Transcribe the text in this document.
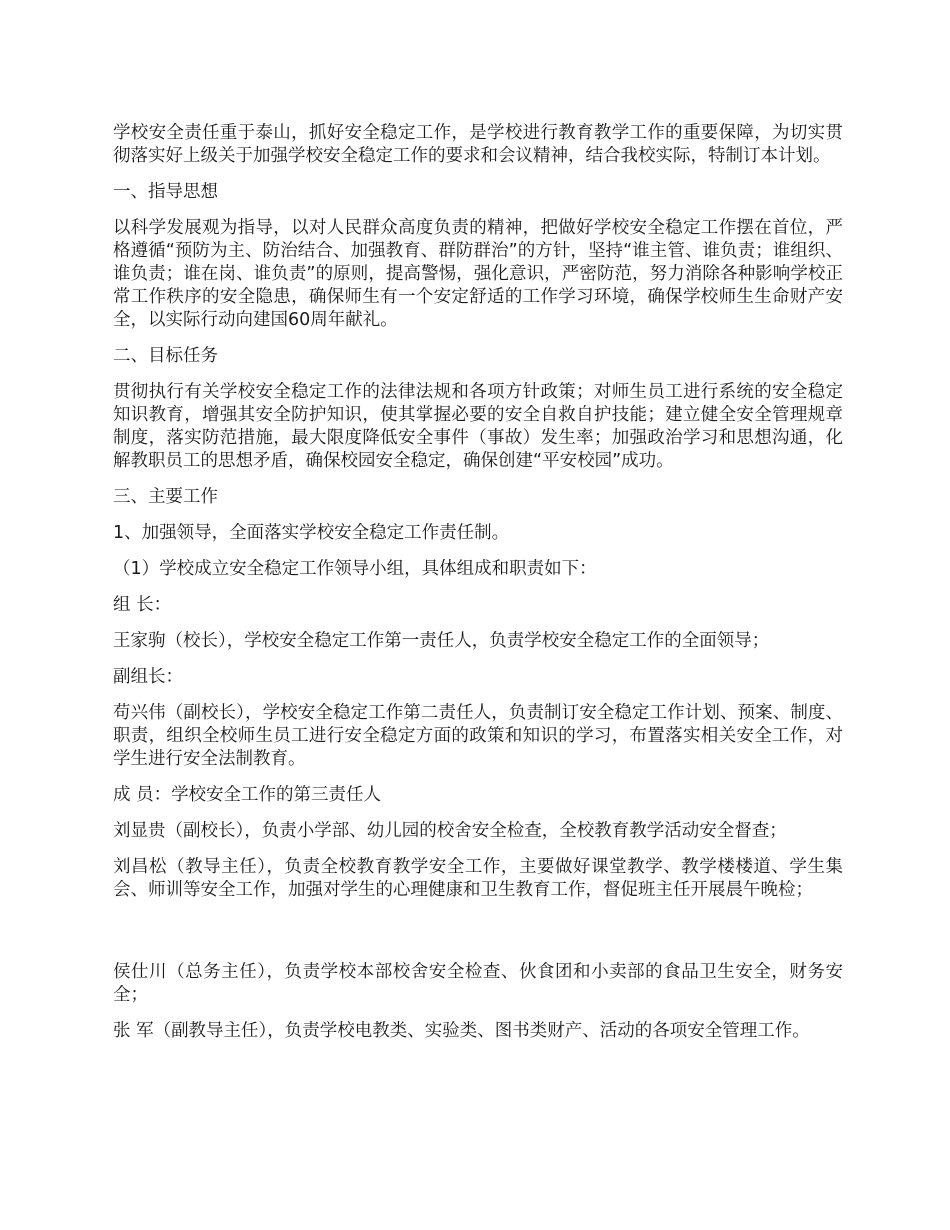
学校安全责任重于泰山，抓好安全稳定工作，是学校进行教育教学工作的重要保障，为切实贯彻落实好上级关于加强学校安全稳定工作的要求和会议精神，结合我校实际，特制订本计划。

一、指导思想

以科学发展观为指导，以对人民群众高度负责的精神，把做好学校安全稳定工作摆在首位，严格遵循“预防为主、防治结合、加强教育、群防群治”的方针，坚持“谁主管、谁负责；谁组织、谁负责；谁在岗、谁负责”的原则，提高警惕，强化意识，严密防范，努力消除各种影响学校正常工作秩序的安全隐患，确保师生有一个安定舒适的工作学习环境，确保学校师生生命财产安全，以实际行动向建国60周年献礼。

二、目标任务

贯彻执行有关学校安全稳定工作的法律法规和各项方针政策；对师生员工进行系统的安全稳定知识教育，增强其安全防护知识，使其掌握必要的安全自救自护技能；建立健全安全管理规章制度，落实防范措施，最大限度降低安全事件（事故）发生率；加强政治学习和思想沟通，化解教职员工的思想矛盾，确保校园安全稳定，确保创建“平安校园”成功。

三、主要工作

1、加强领导，全面落实学校安全稳定工作责任制。

（1）学校成立安全稳定工作领导小组，具体组成和职责如下：

组 长：

王家驹（校长），学校安全稳定工作第一责任人，负责学校安全稳定工作的全面领导；

副组长：

苟兴伟（副校长），学校安全稳定工作第二责任人，负责制订安全稳定工作计划、预案、制度、职责，组织全校师生员工进行安全稳定方面的政策和知识的学习，布置落实相关安全工作，对学生进行安全法制教育。

成 员：学校安全工作的第三责任人

刘显贵（副校长），负责小学部、幼儿园的校舍安全检查，全校教育教学活动安全督查；

刘昌松（教导主任），负责全校教育教学安全工作，主要做好课堂教学、教学楼楼道、学生集会、师训等安全工作，加强对学生的心理健康和卫生教育工作，督促班主任开展晨午晚检；

侯仕川（总务主任），负责学校本部校舍安全检查、伙食团和小卖部的食品卫生安全，财务安全；

张 军（副教导主任），负责学校电教类、实验类、图书类财产、活动的各项安全管理工作。
